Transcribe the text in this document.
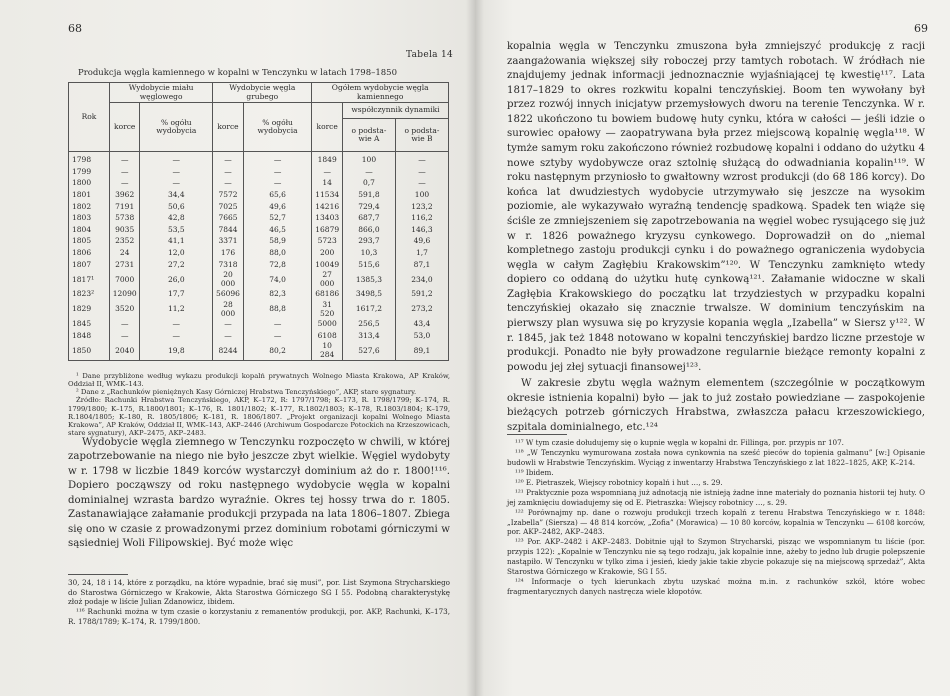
68
Tabela 14
Produkcja węgla kamiennego w kopalni w Tenczynku w latach 1798–1850
Rok	Wydobycie miału węglowego		Wydobycie węgla grubego		Ogółem wydobycie węgla kamiennego		
	korce	% ogółu wydobycia	korce	% ogółu wydobycia	korce	współczynnik dynamiki	
						o podsta-wie A	o podsta-wie B
1798	—	—	—	—	1849	100	—
1799	—	—	—	—	—	—	—
1800	—	—	—	—	14	0,7	—
1801	3962	34,4	7572	65,6	11534	591,8	100
1802	7191	50,6	7025	49,6	14216	729,4	123,2
1803	5738	42,8	7665	52,7	13403	687,7	116,2
1804	9035	53,5	7844	46,5	16879	866,0	146,3
1805	2352	41,1	3371	58,9	5723	293,7	49,6
1806	24	12,0	176	88,0	200	10,3	1,7
1807	2731	27,2	7318	72,8	10049	515,6	87,1
1817¹	7000	26,0	20 000	74,0	27 000	1385,3	234,0
1823²	12090	17,7	56096	82,3	68186	3498,5	591,2
1829	3520	11,2	28 000	88,8	31 520	1617,2	273,2
1845	—	—	—	—	5000	256,5	43,4
1848	—	—	—	—	6108	313,4	53,0
1850	2040	19,8	8244	80,2	10 284	527,6	89,1

¹ Dane przybliżone według wykazu produkcji kopalń prywatnych Wolnego Miasta Krakowa, AP Kraków, Oddział II, WMK–143.

² Dane z „Rachunków pieniężnych Kasy Górniczej Hrabstwa Tenczyńskiego”, AKP, stare sygnatury.

Źródło: Rachunki Hrabstwa Tenczyńskiego, AKP, K–172, R: 1797/1798; K–173, R. 1798/1799; K–174, R. 1799/1800; K–175, R.1800/1801; K–176, R. 1801/1802; K–177, R.1802/1803; K–178, R.1803/1804; K–179, R.1804/1805; K–180, R. 1805/1806; K–181, R. 1806/1807. „Projekt organizacji kopalni Wolnego Miasta Krakowa”, AP Kraków, Oddział II, WMK–143, AKP–2446 (Archiwum Gospodarcze Potockich na Krzeszowicach, stare sygnatury), AKP–2475, AKP–2483.

Wydobycie węgla ziemnego w Tenczynku rozpoczęto w chwili, w której zapotrzebowanie na niego nie było jeszcze zbyt wielkie. Węgiel wydobyty w r. 1798 w liczbie 1849 korców wystarczył dominium aż do r. 1800!¹¹⁶. Dopiero począwszy od roku następnego wydobycie węgla w kopalni dominialnej wzrasta bardzo wyraźnie. Okres tej hossy trwa do r. 1805. Zastanawiające załamanie produkcji przypada na lata 1806–1807. Zbiega się ono w czasie z prowadzonymi przez dominium robotami górniczymi w sąsiedniej Woli Filipowskiej. Być może więc

30, 24, 18 i 14, które z porządku, na które wypadnie, brać się musi”, por. List Szymona Strycharskiego do Starostwa Górniczego w Krakowie, Akta Starostwa Górniczego SG I 55. Podobną charakterystykę złoż podaje w liście Julian Zdanowicz, ibidem.

¹¹⁶ Rachunki można w tym czasie o korzystaniu z remanentów produkcji, por. AKP, Rachunki, K–173, R. 1788/1789; K–174, R. 1799/1800.

69

kopalnia węgla w Tenczynku zmuszona była zmniejszyć produkcję z racji zaangażowania większej siły roboczej przy tamtych robotach. W źródłach nie znajdujemy jednak informacji jednoznacznie wyjaśniającej tę kwestię¹¹⁷. Lata 1817–1829 to okres rozkwitu kopalni tenczyńskiej. Boom ten wywołany był przez rozwój innych inicjatyw przemysłowych dworu na terenie Tenczynka. W r. 1822 ukończono tu bowiem budowę huty cynku, która w całości — jeśli idzie o surowiec opałowy — zaopatrywana była przez miejscową kopalnię węgla¹¹⁸. W tymże samym roku zakończono również rozbudowę kopalni i oddano do użytku 4 nowe sztyby wydobywcze oraz sztolnię służącą do odwadniania kopalin¹¹⁹. W roku następnym przyniosło to gwałtowny wzrost produkcji (do 68 186 korcy). Do końca lat dwudziestych wydobycie utrzymywało się jeszcze na wysokim poziomie, ale wykazywało wyraźną tendencję spadkową. Spadek ten wiąże się ściśle ze zmniejszeniem się zapotrzebowania na węgiel wobec rysującego się już w r. 1826 poważnego kryzysu cynkowego. Doprowadził on do „niemal kompletnego zastoju produkcji cynku i do poważnego ograniczenia wydobycia węgla w całym Zagłębiu Krakowskim”¹²⁰. W Tenczynku zamknięto wtedy dopiero co oddaną do użytku hutę cynkową¹²¹. Załamanie widoczne w skali Zagłębia Krakowskiego do początku lat trzydziestych w przypadku kopalni tenczyńskiej okazało się znacznie trwalsze. W dominium tenczyńskim na pierwszy plan wysuwa się po kryzysie kopania węgla „Izabella” w Siersz y¹²². W r. 1845, jak też 1848 notowano w kopalni tenczyńskiej bardzo liczne przestoje w produkcji. Ponadto nie były prowadzone regularnie bieżące remonty kopalni z powodu jej złej sytuacji finansowej¹²³.

W zakresie zbytu węgla ważnym elementem (szczególnie w początkowym okresie istnienia kopalni) było — jak to już zostało powiedziane — zaspokojenie bieżących potrzeb górniczych Hrabstwa, zwłaszcza pałacu krzeszowickiego, szpitala dominialnego, etc.¹²⁴

¹¹⁷ W tym czasie dołudujemy się o kupnie węgla w kopalni dr. Fillinga, por. przypis nr 107.

¹¹⁸ „W Tenczynku wymurowana została nowa cynkownia na sześć pieców do topienia galmanu” [w:] Opisanie budowli w Hrabstwie Tenczyńskim. Wyciąg z inwentarzy Hrabstwa Tenczyńskiego z lat 1822–1825, AKP, K–214.

¹¹⁹ Ibidem.

¹²⁰ E. Pietraszek, Wiejscy robotnicy kopalń i hut …, s. 29.

¹²¹ Praktycznie poza wspomnianą już adnotacją nie istnieją żadne inne materiały do poznania historii tej huty. O jej zamknięciu dowiadujemy się od E. Pietraszka: Wiejscy robotnicy …, s. 29.

¹²² Porównajmy np. dane o rozwoju produkcji trzech kopalń z terenu Hrabstwa Tenczyńskiego w r. 1848: „Izabella” (Siersza) — 48 814 korców, „Zofia” (Morawica) — 10 80 korców, kopalnia w Tenczynku — 6108 korców, por. AKP–2482, AKP–2483.

¹²³ Por. AKP–2482 i AKP–2483. Dobitnie ujął to Szymon Strycharski, pisząc we wspomnianym tu liście (por. przypis 122): „Kopalnie w Tenczynku nie są tego rodzaju, jak kopalnie inne, ażeby to jedno lub drugie polepszenie nastąpiło. W Tenczynku w tylko zima i jesień, kiedy jakie takie zbycie pokazuje się na miejscową sprzedaż”, Akta Starostwa Górniczego w Krakowie, SG I 55.

¹²⁴ Informacje o tych kierunkach zbytu uzyskać można m.in. z rachunków szkół, które wobec fragmentarycznych danych nastręcza wiele kłopotów.
